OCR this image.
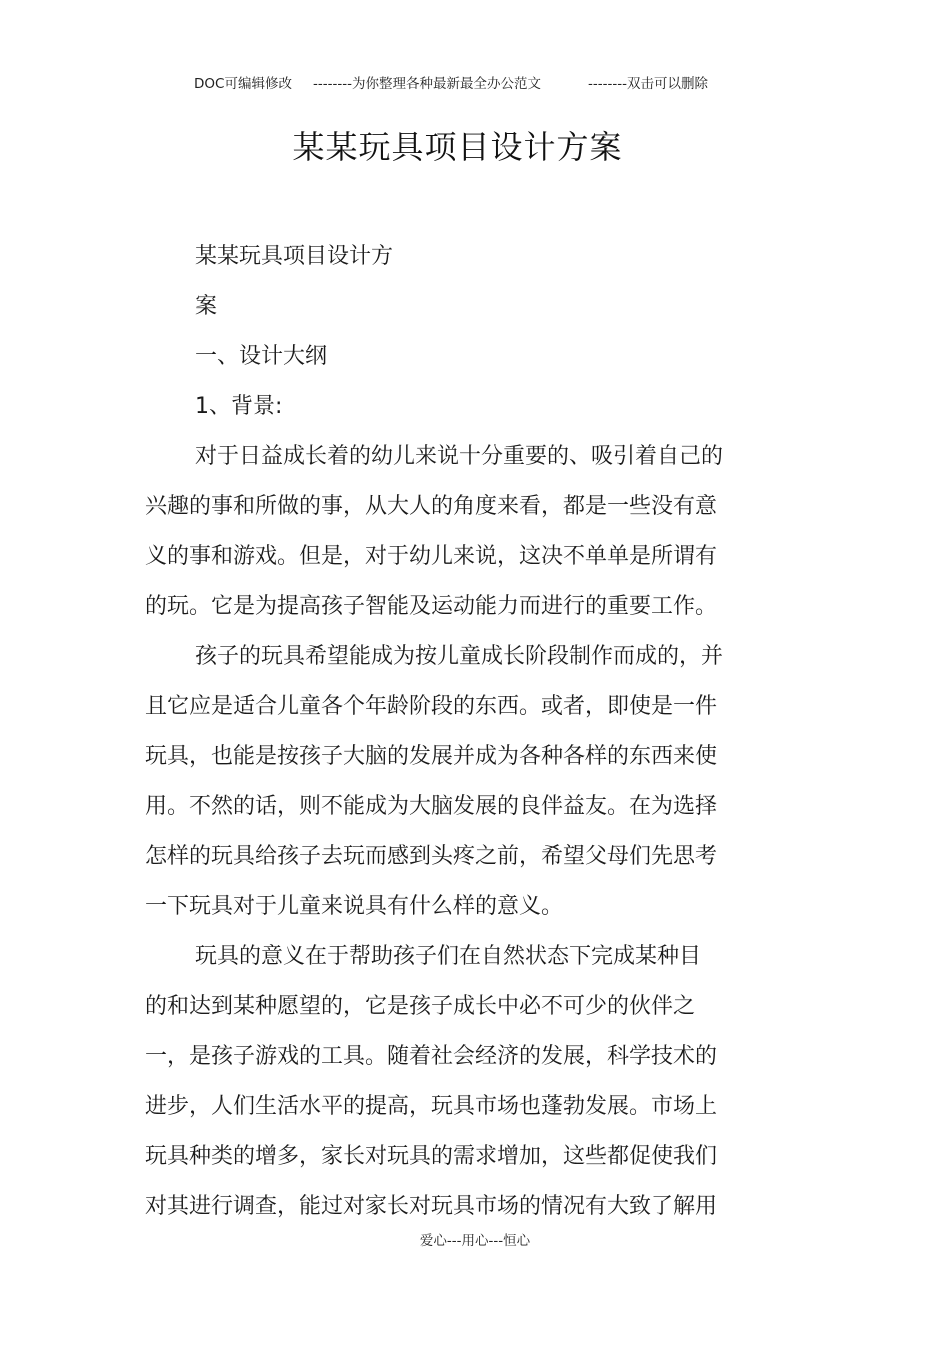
DOC可编辑修改 --------为你整理各种最新最全办公范文	--------双击可以删除
某某玩具项目设计方案
某某玩具项目设计方
案
一、设计大纲
1、背景:
对于日益成长着的幼儿来说十分重要的、吸引着自己的
兴趣的事和所做的事，从大人的角度来看，都是一些没有意
义的事和游戏。但是，对于幼儿来说，这决不单单是所谓有
的玩。它是为提高孩子智能及运动能力而进行的重要工作。
孩子的玩具希望能成为按儿童成长阶段制作而成的，并
且它应是适合儿童各个年龄阶段的东西。或者，即使是一件
玩具，也能是按孩子大脑的发展并成为各种各样的东西来使
用。不然的话，则不能成为大脑发展的良伴益友。在为选择
怎样的玩具给孩子去玩而感到头疼之前，希望父母们先思考
一下玩具对于儿童来说具有什么样的意义。
玩具的意义在于帮助孩子们在自然状态下完成某种目
的和达到某种愿望的，它是孩子成长中必不可少的伙伴之
一，是孩子游戏的工具。随着社会经济的发展，科学技术的
进步，人们生活水平的提高，玩具市场也蓬勃发展。市场上
玩具种类的增多，家长对玩具的需求增加，这些都促使我们
对其进行调查，能过对家长对玩具市场的情况有大致了解用
爱心---用心---恒心
